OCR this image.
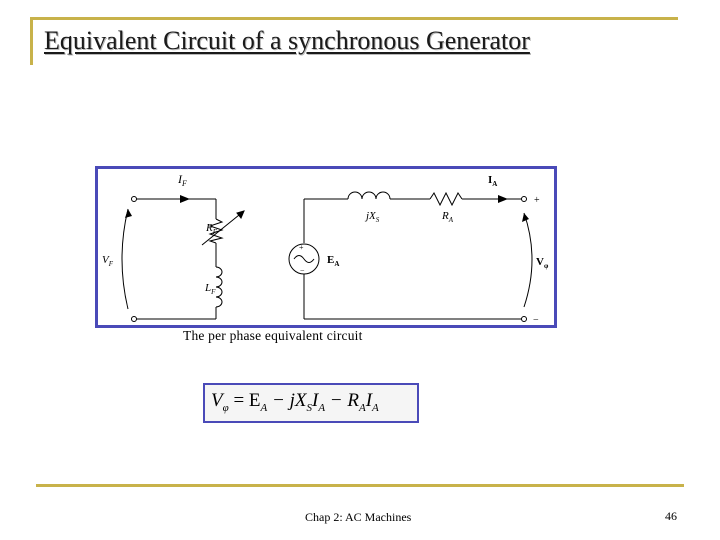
Equivalent Circuit of a synchronous Generator
$I_F$
$V_F$
$R_F$
$L_F$
$jX_S$	$R_A$
$E_A$
+
−
$I_A$
$V_\varphi$
+
−
The per phase equivalent circuit
$V_\varphi = E_A - jX_SI_A - R_AI_A$
Chap 2: AC Machines	46
